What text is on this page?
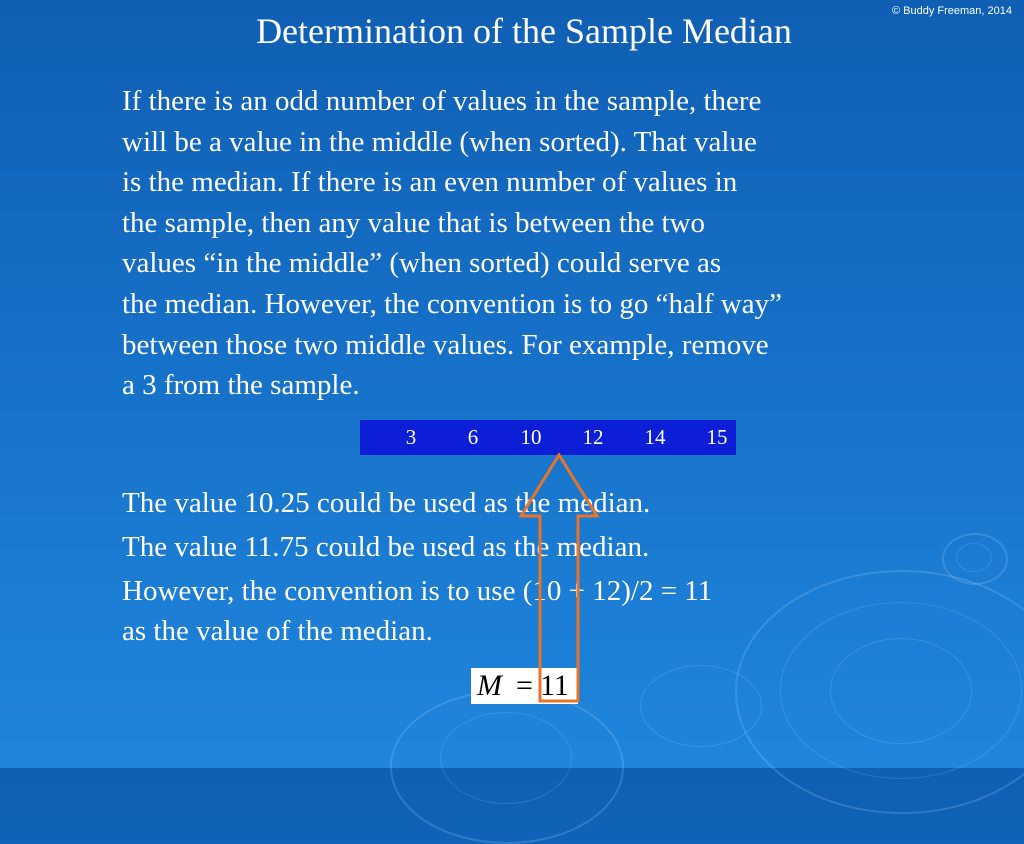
© Buddy Freeman, 2014
Determination of the Sample Median
If there is an odd number of values in the sample, there
will be a value in the middle (when sorted). That value
is the median. If there is an even number of values in
the sample, then any value that is between the two
values “in the middle” (when sorted) could serve as
the median. However, the convention is to go “half way”
between those two middle values. For example, remove
a 3 from the sample.
3 6 10 12 14 15
The value 10.25 could be used as the median.
The value 11.75 could be used as the median.
However, the convention is to use (10 + 12)/2 = 11
as the value of the median.
M = 11
